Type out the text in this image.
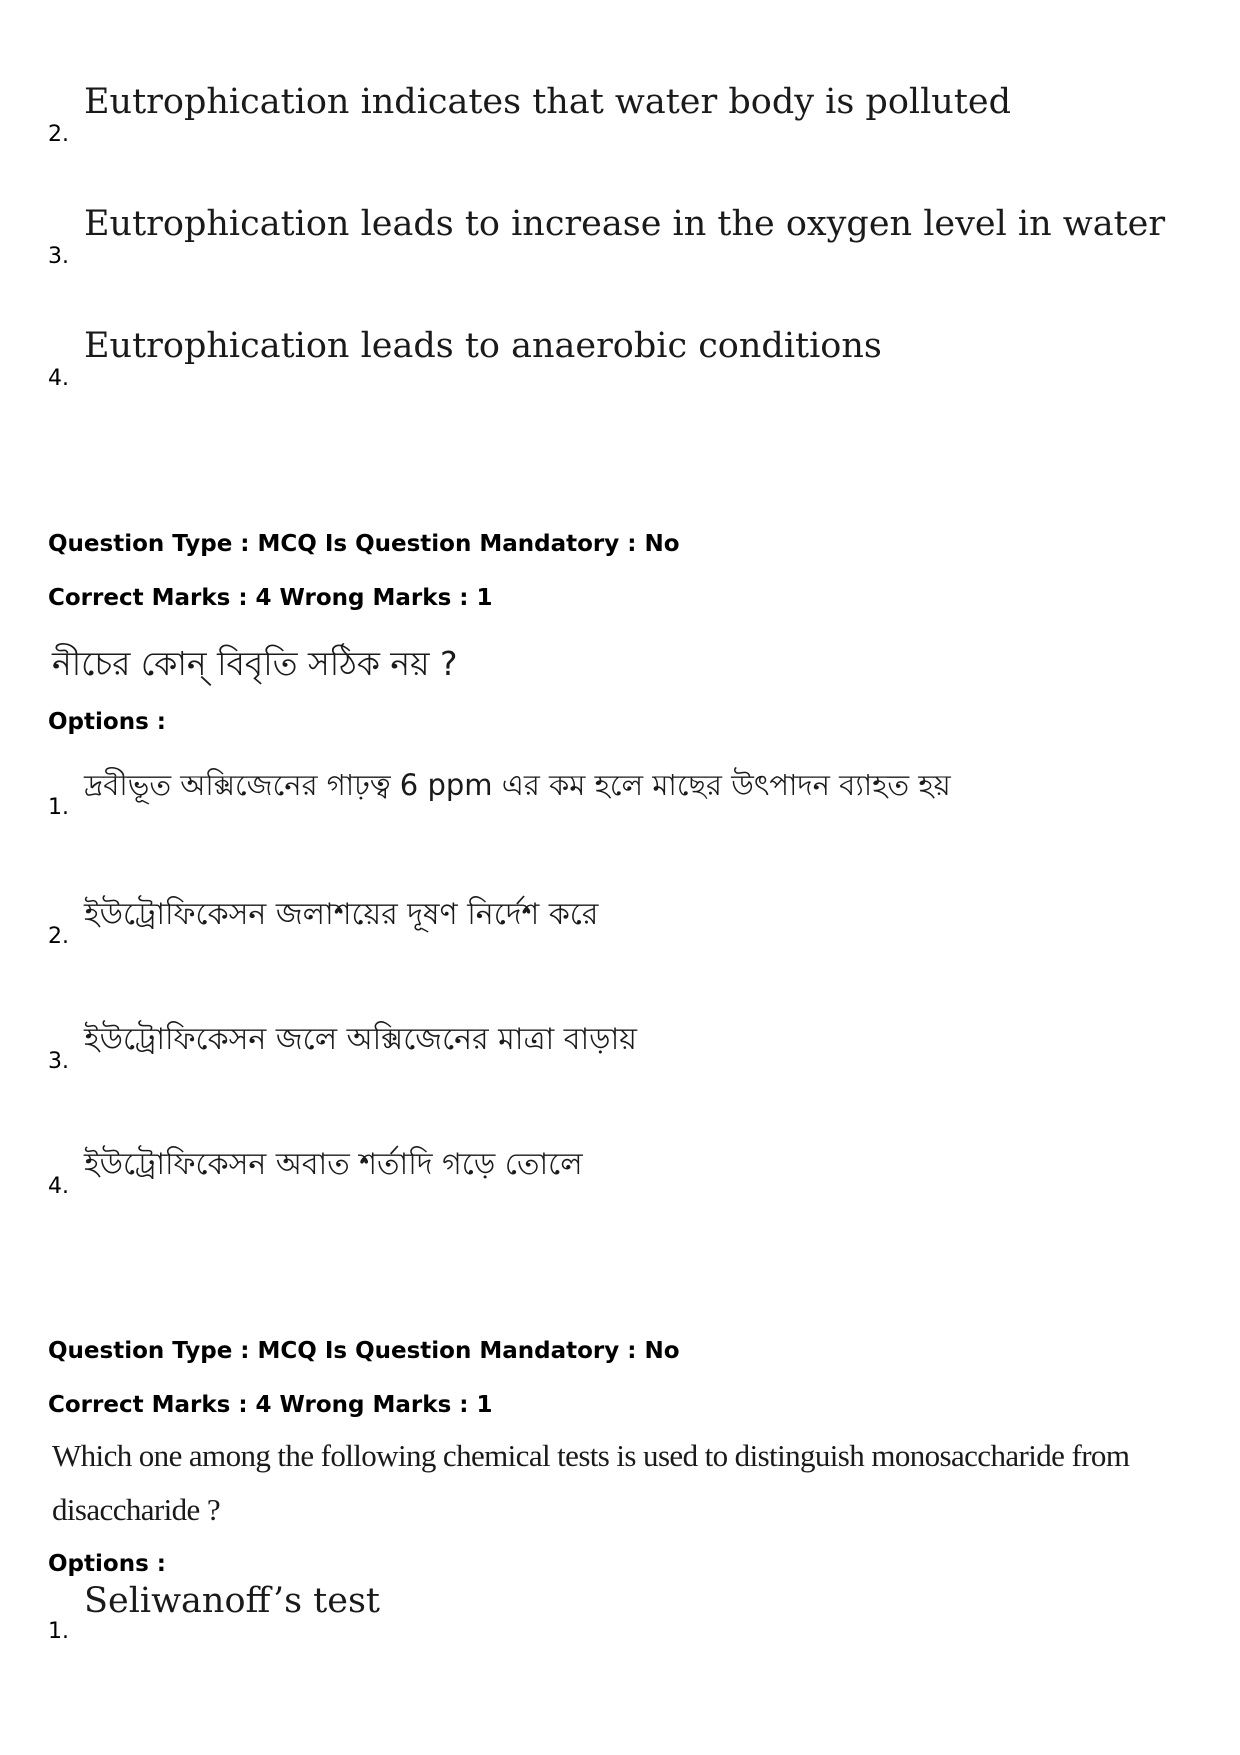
2.
Eutrophication indicates that water body is polluted
3.
Eutrophication leads to increase in the oxygen level in water
4.
Eutrophication leads to anaerobic conditions
Question Type : MCQ Is Question Mandatory : No
Correct Marks : 4 Wrong Marks : 1
নীচের কোন্ বিবৃতি সঠিক নয় ?
Options :
1.
দ্রবীভূত অক্সিজেনের গাঢ়ত্ব 6 ppm এর কম হলে মাছের উৎপাদন ব্যাহত হয়
2.
ইউট্রোফিকেসন জলাশয়ের দূষণ নির্দেশ করে
3.
ইউট্রোফিকেসন জলে অক্সিজেনের মাত্রা বাড়ায়
4.
ইউট্রোফিকেসন অবাত শর্তাদি গড়ে তোলে
Question Type : MCQ Is Question Mandatory : No
Correct Marks : 4 Wrong Marks : 1
Which one among the following chemical tests is used to distinguish monosaccharide from
disaccharide ?
Options :
1.
Seliwanoff’s test
